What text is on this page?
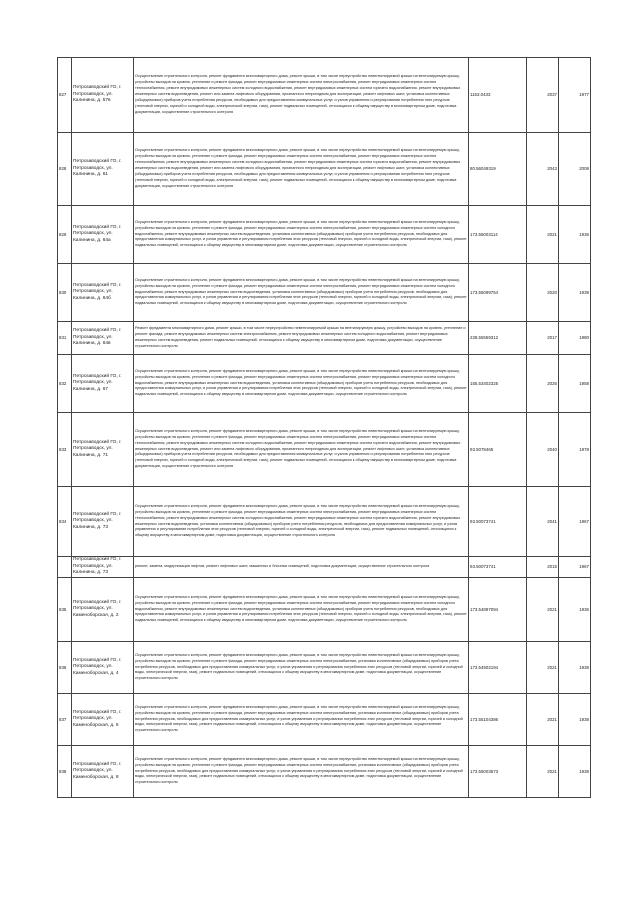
827	Петрозаводский ГО, г. Петрозаводск, ул. Калинина, д. 57в	Осуществление строительного контроля, ремонт фундамента многоквартирного дома, ремонт крыши, в том числе переустройство невентилируемой крыши на вентилируемую крышу, устройство выходов на кровлю, утепление и ремонт фасада, ремонт внутридомовых инженерных систем электроснабжения, ремонт внутридомовых инженерных систем теплоснабжения, ремонт внутридомовых инженерных систем холодного водоснабжения, ремонт внутридомовых инженерных систем горячего водоснабжения, ремонт внутридомовых инженерных систем водоотведения, ремонт или замена лифтового оборудования, признанного непригодным для эксплуатации, ремонт лифтовых шахт, установка коллективных (общедомовых) приборов учета потребления ресурсов, необходимых для предоставления коммунальных услуг, и узлов управления и регулирования потребления этих ресурсов (тепловой энергии, горячей и холодной воды, электрической энергии, газа), ремонт подвальных помещений, относящихся к общему имуществу в многоквартирном доме, подготовка документации, осуществление строительного контроля	1153.0433	2037	1977
828	Петрозаводский ГО, г. Петрозаводск, ул. Калинина, д. 61	Осуществление строительного контроля, ремонт фундамента многоквартирного дома, ремонт крыши, в том числе переустройство невентилируемой крыши на вентилируемую крышу, устройство выходов на кровлю, утепление и ремонт фасада, ремонт внутридомовых инженерных систем электроснабжения, ремонт внутридомовых инженерных систем теплоснабжения, ремонт внутридомовых инженерных систем холодного водоснабжения, ремонт внутридомовых инженерных систем горячего водоснабжения, ремонт внутридомовых инженерных систем водоотведения, ремонт или замена лифтового оборудования, признанного непригодным для эксплуатации, ремонт лифтовых шахт, установка коллективных (общедомовых) приборов учета потребления ресурсов, необходимых для предоставления коммунальных услуг, и узлов управления и регулирования потребления этих ресурсов (тепловой энергии, горячей и холодной воды, электрической энергии, газа), ремонт подвальных помещений, относящихся к общему имуществу в многоквартирном доме, подготовка документации, осуществление строительного контроля	80.56049319	2043	2008
829	Петрозаводский ГО, г. Петрозаводск, ул. Калинина, д. 64а	Осуществление строительного контроля, ремонт фундамента многоквартирного дома, ремонт крыши, в том числе переустройство невентилируемой крыши на вентилируемую крышу, устройство выходов на кровлю, утепление и ремонт фасада, ремонт внутридомовых инженерных систем электроснабжения, ремонт внутридомовых инженерных систем холодного водоснабжения, ремонт внутридомовых инженерных систем водоотведения, установка коллективных (общедомовых) приборов учета потребления ресурсов, необходимых для предоставления коммунальных услуг, и узлов управления и регулирования потребления этих ресурсов (тепловой энергии, горячей и холодной воды, электрической энергии, газа), ремонт подвальных помещений, относящихся к общему имуществу в многоквартирном доме, подготовка документации, осуществление строительного контроля	173.55003114	2021	1936
830	Петрозаводский ГО, г. Петрозаводск, ул. Калинина, д. 64б	Осуществление строительного контроля, ремонт фундамента многоквартирного дома, ремонт крыши, в том числе переустройство невентилируемой крыши на вентилируемую крышу, устройство выходов на кровлю, утепление и ремонт фасада, ремонт внутридомовых инженерных систем электроснабжения, ремонт внутридомовых инженерных систем холодного водоснабжения, ремонт внутридомовых инженерных систем водоотведения, установка коллективных (общедомовых) приборов учета потребления ресурсов, необходимых для предоставления коммунальных услуг, и узлов управления и регулирования потребления этих ресурсов (тепловой энергии, горячей и холодной воды, электрической энергии, газа), ремонт подвальных помещений, относящихся к общему имуществу в многоквартирном доме, подготовка документации, осуществление строительного контроля	173.55099754	2020	1939
831	Петрозаводский ГО, г. Петрозаводск, ул. Калинина, д. 64в	Ремонт фундамента многоквартирного дома, ремонт крыши, в том числе переустройство невентилируемой крыши на вентилируемую крышу, устройство выходов на кровлю, утепление и ремонт фасада, ремонт внутридомовых инженерных систем электроснабжения, ремонт внутридомовых инженерных систем холодного водоснабжения, ремонт внутридомовых инженерных систем водоотведения, ремонт подвальных помещений, относящихся к общему имуществу в многоквартирном доме, подготовка документации, осуществление строительного контроля	228.55559312	2017	1980
832	Петрозаводский ГО, г. Петрозаводск, ул. Калинина, д. 67	Осуществление строительного контроля, ремонт фундамента многоквартирного дома, ремонт крыши, в том числе переустройство невентилируемой крыши на вентилируемую крышу, устройство выходов на кровлю, утепление и ремонт фасада, ремонт внутридомовых инженерных систем электроснабжения, ремонт внутридомовых инженерных систем холодного водоснабжения, ремонт внутридомовых инженерных систем водоотведения, установка коллективных (общедомовых) приборов учета потребления ресурсов, необходимых для предоставления коммунальных услуг, и узлов управления и регулирования потребления этих ресурсов (тепловой энергии, горячей и холодной воды, электрической энергии, газа), ремонт подвальных помещений, относящихся к общему имуществу в многоквартирном доме, подготовка документации, осуществление строительного контроля	155.53402325	2026	1958
833	Петрозаводский ГО, г. Петрозаводск, ул. Калинина, д. 71	Осуществление строительного контроля, ремонт фундамента многоквартирного дома, ремонт крыши, в том числе переустройство невентилируемой крыши на вентилируемую крышу, устройство выходов на кровлю, утепление и ремонт фасада, ремонт внутридомовых инженерных систем электроснабжения, ремонт внутридомовых инженерных систем теплоснабжения, ремонт внутридомовых инженерных систем холодного водоснабжения, ремонт внутридомовых инженерных систем горячего водоснабжения, ремонт внутридомовых инженерных систем водоотведения, ремонт или замена лифтового оборудования, признанного непригодным для эксплуатации, ремонт лифтовых шахт, установка коллективных (общедомовых) приборов учета потребления ресурсов, необходимых для предоставления коммунальных услуг, и узлов управления и регулирования потребления этих ресурсов (тепловой энергии, горячей и холодной воды, электрической энергии, газа), ремонт подвальных помещений, относящихся к общему имуществу в многоквартирном доме, подготовка документации, осуществление строительного контроля	93.5078465	2040	1978
834	Петрозаводский ГО, г. Петрозаводск, ул. Калинина, д. 73	Осуществление строительного контроля, ремонт фундамента многоквартирного дома, ремонт крыши, в том числе переустройство невентилируемой крыши на вентилируемую крышу, устройство выходов на кровлю, утепление и ремонт фасада, ремонт внутридомовых инженерных систем электроснабжения, ремонт внутридомовых инженерных систем теплоснабжения, ремонт внутридомовых инженерных систем холодного водоснабжения, ремонт внутридомовых инженерных систем горячего водоснабжения, ремонт внутридомовых инженерных систем водоотведения, установка коллективных (общедомовых) приборов учета потребления ресурсов, необходимых для предоставления коммунальных услуг, и узлов управления и регулирования потребления этих ресурсов (тепловой энергии, горячей и холодной воды, электрической энергии, газа), ремонт подвальных помещений, относящихся к общему имуществу в многоквартирном доме, подготовка документации, осуществление строительного контроля	93.50073741	2041	1967
	Петрозаводский ГО, г. Петрозаводск, ул. Калинина, д. 73	ремонт, замена, модернизация лифтов, ремонт лифтовых шахт, машинных и блочных помещений, подготовка документации, осуществление строительного контроля	93.50073741	2015	1967
835	Петрозаводский ГО, г. Петрозаводск, ул. Каменоборская, д. 2	Осуществление строительного контроля, ремонт фундамента многоквартирного дома, ремонт крыши, в том числе переустройство невентилируемой крыши на вентилируемую крышу, устройство выходов на кровлю, утепление и ремонт фасада, ремонт внутридомовых инженерных систем электроснабжения, ремонт внутридомовых инженерных систем холодного водоснабжения, ремонт внутридомовых инженерных систем водоотведения, установка коллективных (общедомовых) приборов учета потребления ресурсов, необходимых для предоставления коммунальных услуг, и узлов управления и регулирования потребления этих ресурсов (тепловой энергии, горячей и холодной воды, электрической энергии, газа), ремонт подвальных помещений, относящихся к общему имуществу в многоквартирном доме, подготовка документации, осуществление строительного контроля	173.54897094	2021	1936
836	Петрозаводский ГО, г. Петрозаводск, ул. Каменоборская, д. 4	Осуществление строительного контроля, ремонт фундамента многоквартирного дома, ремонт крыши, в том числе переустройство невентилируемой крыши на вентилируемую крышу, устройство выходов на кровлю, утепление и ремонт фасада, ремонт внутридомовых инженерных систем электроснабжения, установка коллективных (общедомовых) приборов учета потребления ресурсов, необходимых для предоставления коммунальных услуг, и узлов управления и регулирования потребления этих ресурсов (тепловой энергии, горячей и холодной воды, электрической энергии, газа), ремонт подвальных помещений, относящихся к общему имуществу в многоквартирном доме, подготовка документации, осуществление строительного контроля	173.54902194	2021	1938
837	Петрозаводский ГО, г. Петрозаводск, ул. Каменоборская, д. 6	Осуществление строительного контроля, ремонт фундамента многоквартирного дома, ремонт крыши, в том числе переустройство невентилируемой крыши на вентилируемую крышу, устройство выходов на кровлю, утепление и ремонт фасада, ремонт внутридомовых инженерных систем электроснабжения, установка коллективных (общедомовых) приборов учета потребления ресурсов, необходимых для предоставления коммунальных услуг, и узлов управления и регулирования потребления этих ресурсов (тепловой энергии, горячей и холодной воды, электрической энергии, газа), ремонт подвальных помещений, относящихся к общему имуществу в многоквартирном доме, подготовка документации, осуществление строительного контроля	173.55104386	2021	1938
838	Петрозаводский ГО, г. Петрозаводск, ул. Каменоборская, д. 8	Осуществление строительного контроля, ремонт фундамента многоквартирного дома, ремонт крыши, в том числе переустройство невентилируемой крыши на вентилируемую крышу, устройство выходов на кровлю, утепление и ремонт фасада, ремонт внутридомовых инженерных систем электроснабжения, установка коллективных (общедомовых) приборов учета потребления ресурсов, необходимых для предоставления коммунальных услуг, и узлов управления и регулирования потребления этих ресурсов (тепловой энергии, горячей и холодной воды, электрической энергии, газа), ремонт подвальных помещений, относящихся к общему имуществу в многоквартирном доме, подготовка документации, осуществление строительного контроля	173.55003573	2021	1938
